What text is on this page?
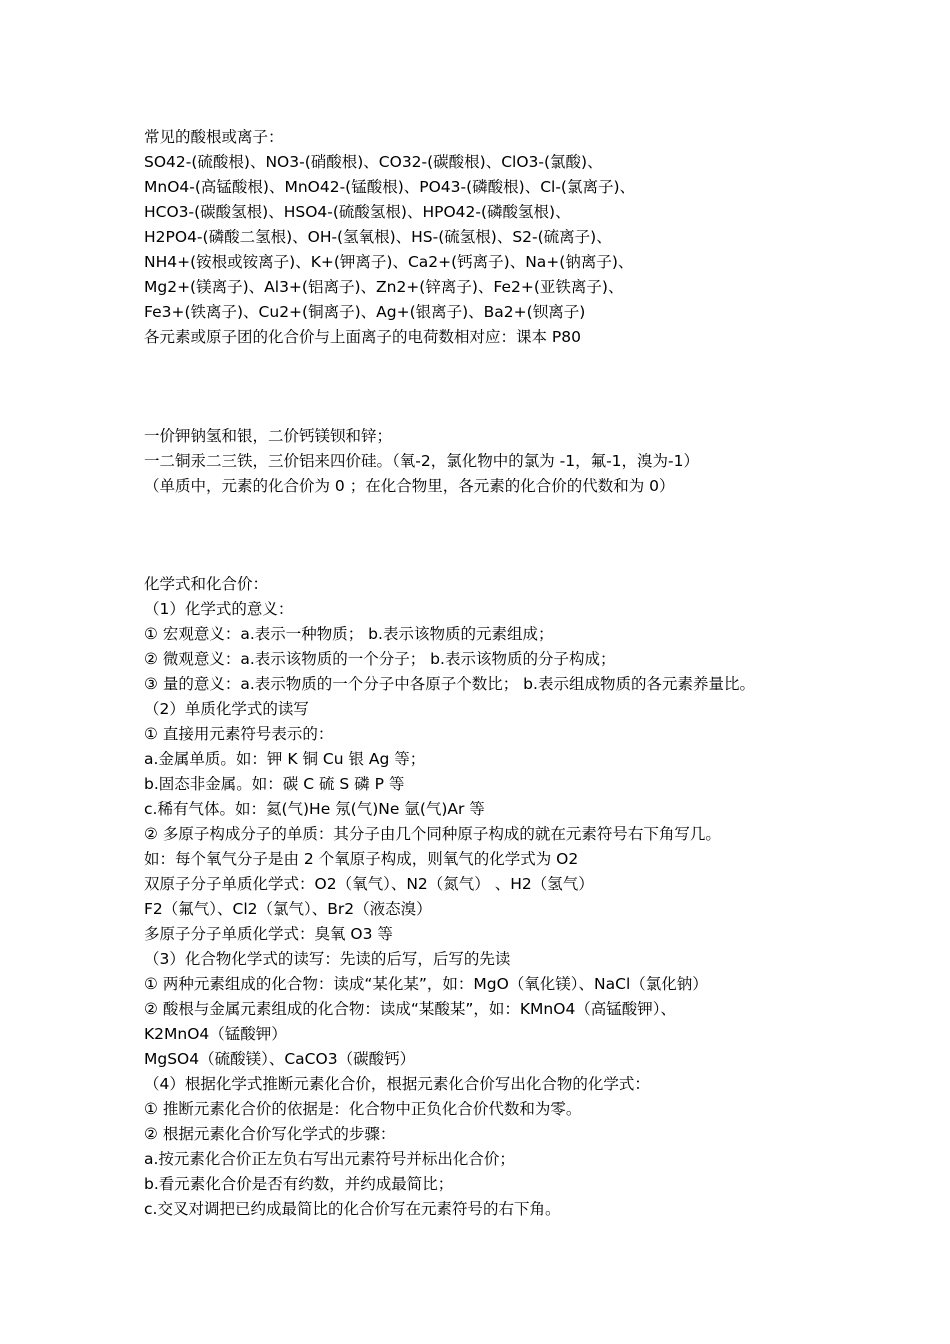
常见的酸根或离子：
SO42-(硫酸根)、NO3-(硝酸根)、CO32-(碳酸根)、ClO3-(氯酸)、
MnO4-(高锰酸根)、MnO42-(锰酸根)、PO43-(磷酸根)、Cl-(氯离子)、
HCO3-(碳酸氢根)、HSO4-(硫酸氢根)、HPO42-(磷酸氢根)、
H2PO4-(磷酸二氢根)、OH-(氢氧根)、HS-(硫氢根)、S2-(硫离子)、
NH4+(铵根或铵离子)、K+(钾离子)、Ca2+(钙离子)、Na+(钠离子)、
Mg2+(镁离子)、Al3+(铝离子)、Zn2+(锌离子)、Fe2+(亚铁离子)、
Fe3+(铁离子)、Cu2+(铜离子)、Ag+(银离子)、Ba2+(钡离子)
各元素或原子团的化合价与上面离子的电荷数相对应：课本 P80
一价钾钠氢和银，二价钙镁钡和锌；
一二铜汞二三铁，三价铝来四价硅。（氧-2，氯化物中的氯为 -1，氟-1，溴为-1）
（单质中，元素的化合价为 0 ；在化合物里，各元素的化合价的代数和为 0）
化学式和化合价：
（1）化学式的意义：
① 宏观意义：a.表示一种物质； b.表示该物质的元素组成；
② 微观意义：a.表示该物质的一个分子； b.表示该物质的分子构成；
③ 量的意义：a.表示物质的一个分子中各原子个数比； b.表示组成物质的各元素养量比。
（2）单质化学式的读写
① 直接用元素符号表示的：
a.金属单质。如：钾 K 铜 Cu 银 Ag 等；
b.固态非金属。如：碳 C 硫 S 磷 P 等
c.稀有气体。如：氦(气)He 氖(气)Ne 氩(气)Ar 等
② 多原子构成分子的单质：其分子由几个同种原子构成的就在元素符号右下角写几。
如：每个氧气分子是由 2 个氧原子构成，则氧气的化学式为 O2
双原子分子单质化学式：O2（氧气）、N2（氮气） 、H2（氢气）
F2（氟气）、Cl2（氯气）、Br2（液态溴）
多原子分子单质化学式：臭氧 O3 等
（3）化合物化学式的读写：先读的后写，后写的先读
① 两种元素组成的化合物：读成“某化某”，如：MgO（氧化镁）、NaCl（氯化钠）
② 酸根与金属元素组成的化合物：读成“某酸某”，如：KMnO4（高锰酸钾）、
K2MnO4（锰酸钾）
MgSO4（硫酸镁）、CaCO3（碳酸钙）
（4）根据化学式推断元素化合价，根据元素化合价写出化合物的化学式：
① 推断元素化合价的依据是：化合物中正负化合价代数和为零。
② 根据元素化合价写化学式的步骤：
a.按元素化合价正左负右写出元素符号并标出化合价；
b.看元素化合价是否有约数，并约成最简比；
c.交叉对调把已约成最简比的化合价写在元素符号的右下角。
